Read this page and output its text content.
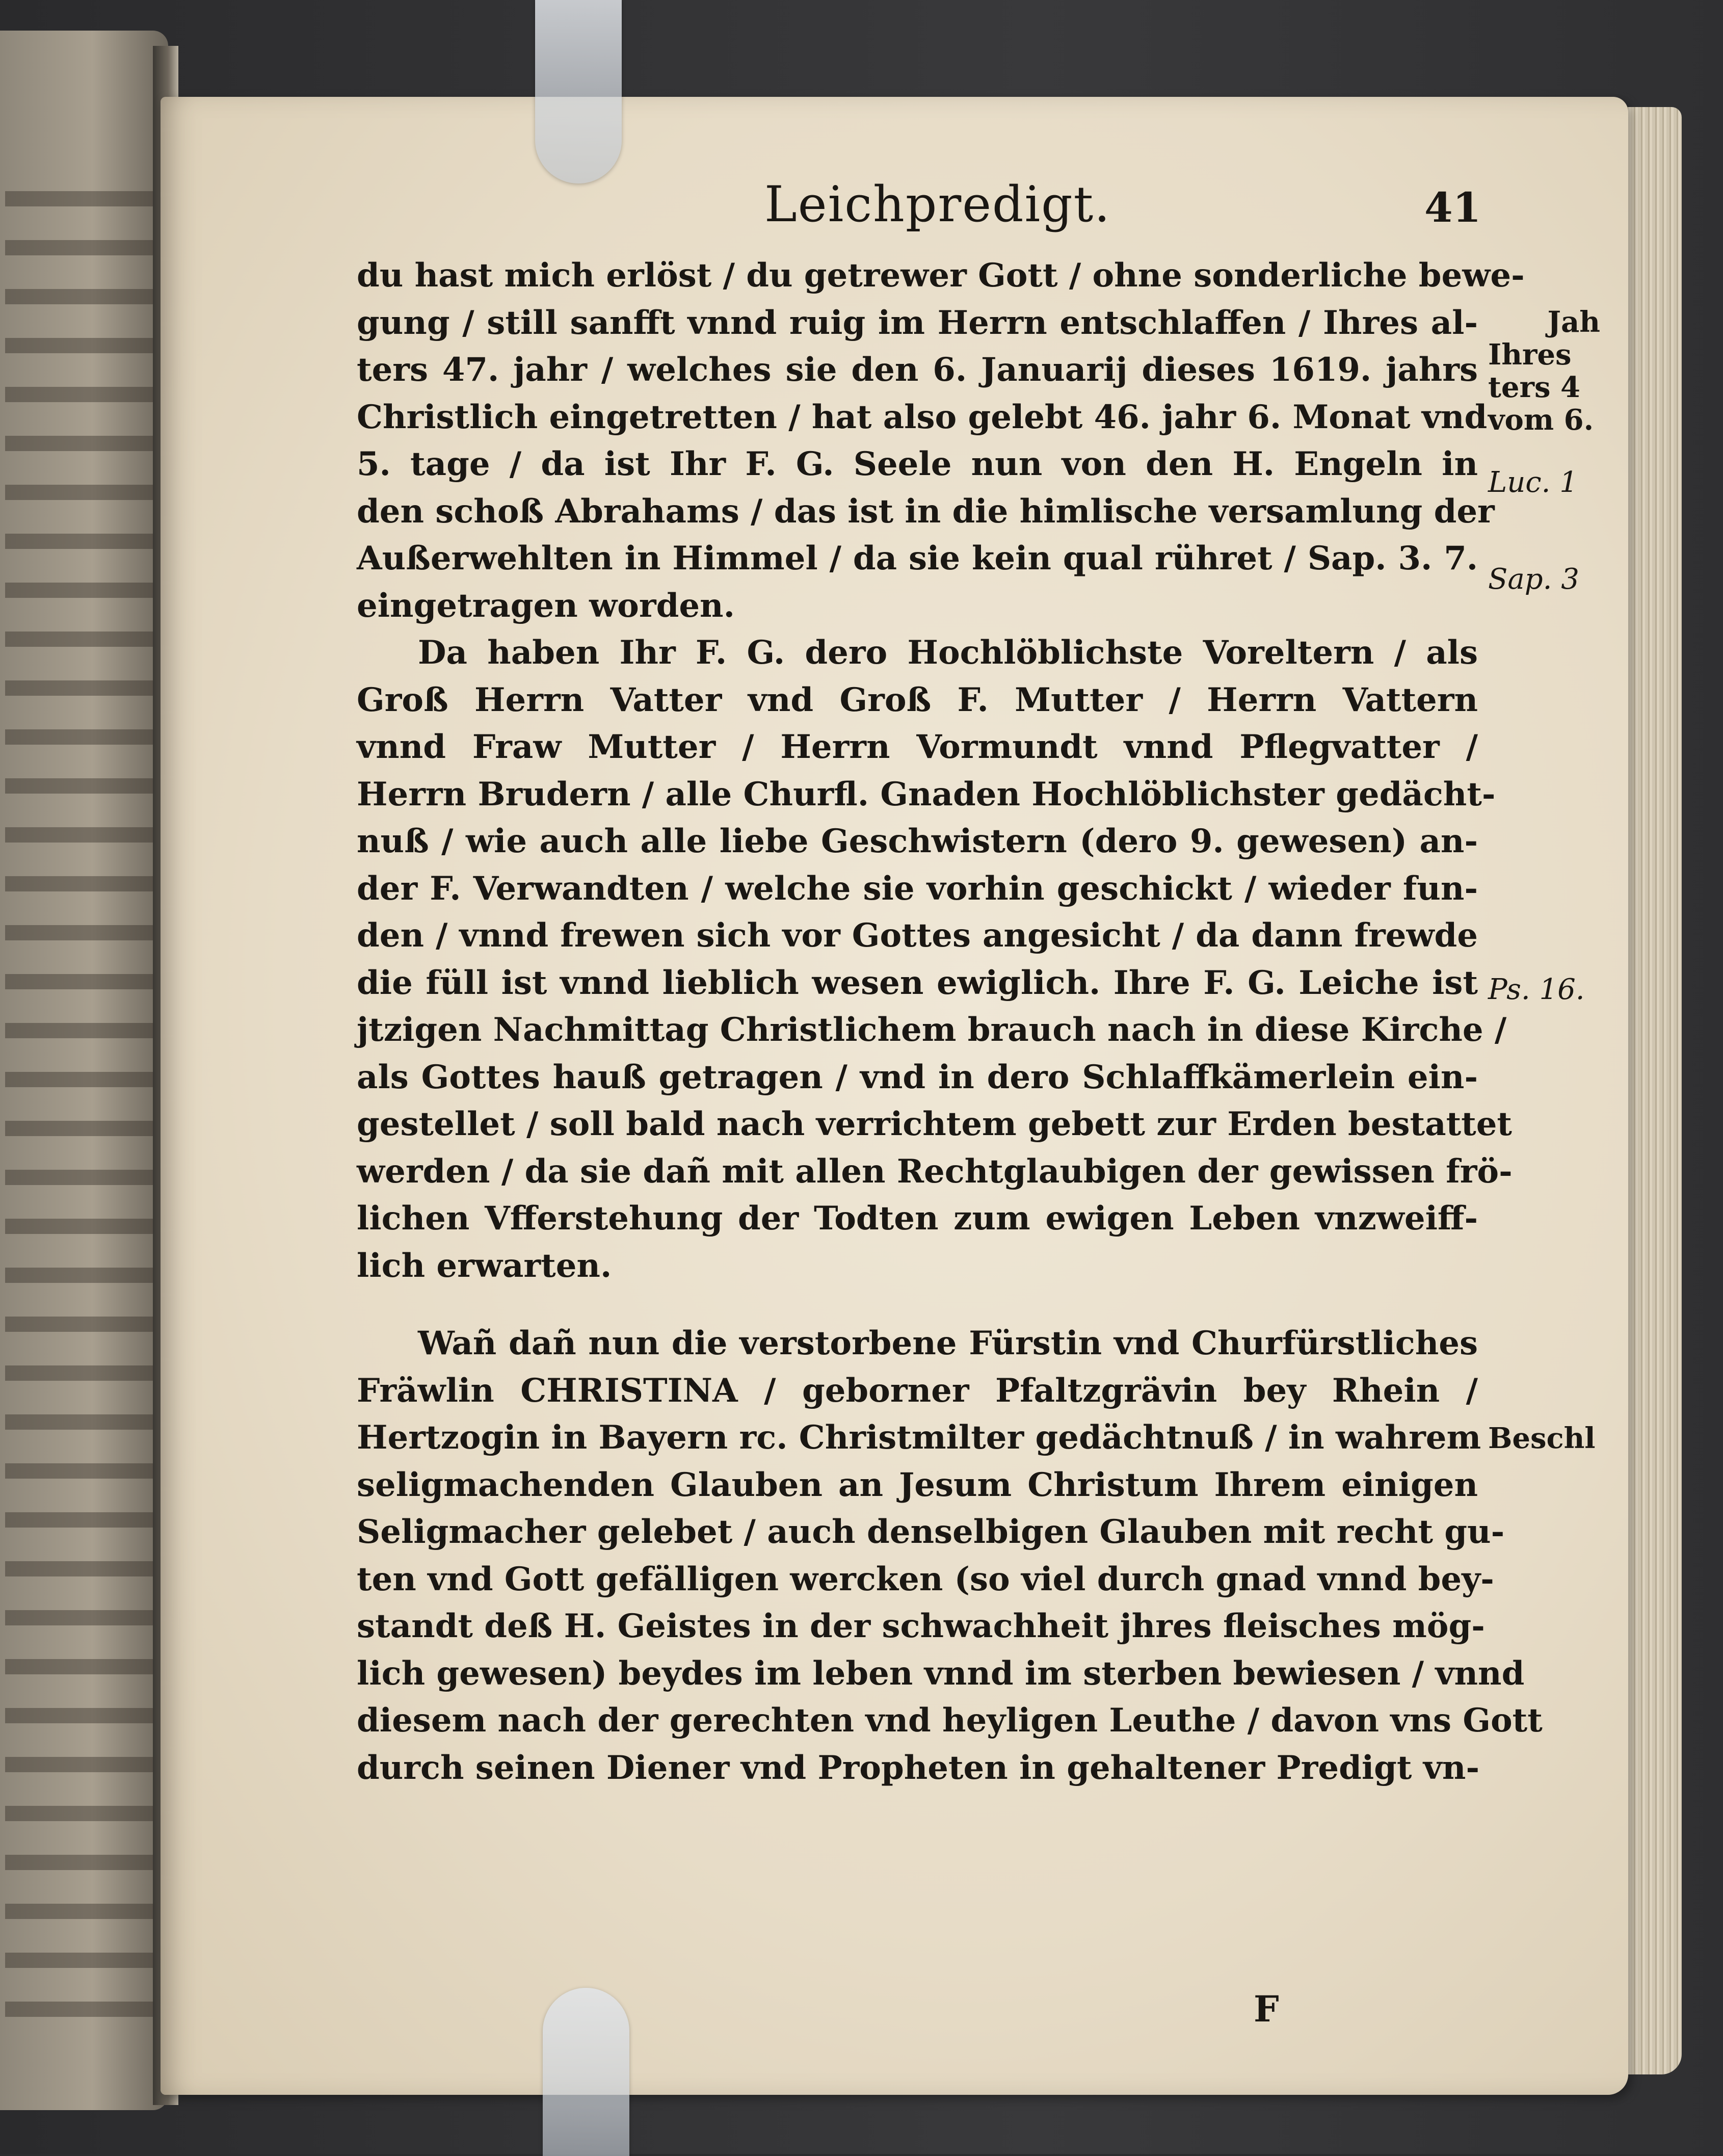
Leichpredigt.	41
du hast mich erlöst / du getrewer Gott / ohne sonderliche bewe-
gung / still sanfft vnnd ruig im Herrn entschlaffen / Ihres al-
ters 47. jahr / welches sie den 6. Januarij dieses 1619. jahrs
Christlich eingetretten / hat also gelebt 46. jahr 6. Monat vnd
5. tage / da ist Ihr F. G. Seele nun von den H. Engeln in
den schoß Abrahams / das ist in die himlische versamlung der
Außerwehlten in Himmel / da sie kein qual rühret / Sap. 3. 7.
eingetragen worden.
Da haben Ihr F. G. dero Hochlöblichste Voreltern / als
Groß Herrn Vatter vnd Groß F. Mutter / Herrn Vattern
vnnd Fraw Mutter / Herrn Vormundt vnnd Pflegvatter /
Herrn Brudern / alle Churfl. Gnaden Hochlöblichster gedächt-
nuß / wie auch alle liebe Geschwistern (dero 9. gewesen) an-
der F. Verwandten / welche sie vorhin geschickt / wieder fun-
den / vnnd frewen sich vor Gottes angesicht / da dann frewde
die füll ist vnnd lieblich wesen ewiglich. Ihre F. G. Leiche ist
jtzigen Nachmittag Christlichem brauch nach in diese Kirche /
als Gottes hauß getragen / vnd in dero Schlaffkämerlein ein-
gestellet / soll bald nach verrichtem gebett zur Erden bestattet
werden / da sie dañ mit allen Rechtglaubigen der gewissen frö-
lichen Vfferstehung der Todten zum ewigen Leben vnzweiff-
lich erwarten.
Wañ dañ nun die verstorbene Fürstin vnd Churfürstliches
Fräwlin CHRISTINA / geborner Pfaltzgrävin bey Rhein /
Hertzogin in Bayern rc. Christmilter gedächtnuß / in wahrem
seligmachenden Glauben an Jesum Christum Ihrem einigen
Seligmacher gelebet / auch denselbigen Glauben mit recht gu-
ten vnd Gott gefälligen wercken (so viel durch gnad vnnd bey-
standt deß H. Geistes in der schwachheit jhres fleisches mög-
lich gewesen) beydes im leben vnnd im sterben bewiesen / vnnd
diesem nach der gerechten vnd heyligen Leuthe / davon vns Gott
durch seinen Diener vnd Propheten in gehaltener Predigt vn-
F
Jah
Ihres
ters 4
vom 6.
Luc. 1
Sap. 3
Ps. 16.
Beschl
